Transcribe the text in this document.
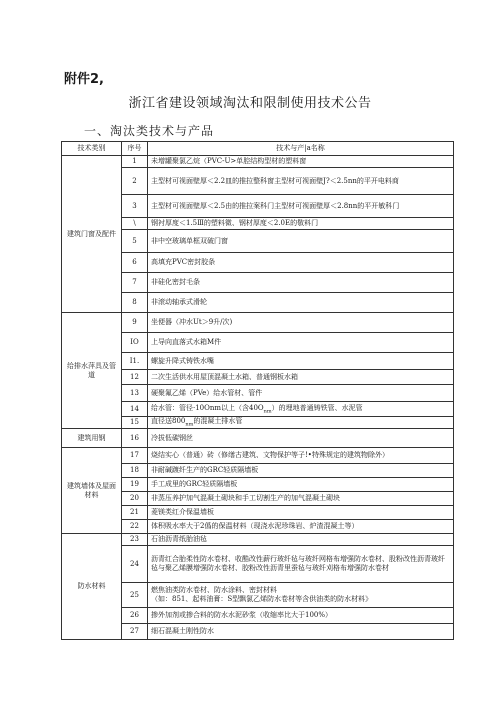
附件2,
浙江省建设领域淘汰和限制使用技术公告
一、淘汰类技术与产品
技术类别	序号	技术与产|a名称
建筑门窗及配件	1	未增罐聚氯乙烷（PVC-U>单腔结构型材的塑料窗
	2	主型材可视面壁厚＜2.2皿的推拉整科窗主型材可视面壁J?＜2.5nn的平开电料商
	3	主型材可视面壁厚＜2.5由的推拉案科门主型材可视面壁厚＜2.8nn的平开敏科门
	\	钢衬厚度＜1.5Ⅲ的塑料微、钢材厚度＜2.0E的敬料门
	5	非中空玻璃单框双破门窗
	6	高填充PVC密封胶条
	7	非硅化密封毛条
	8	非滚动轴承式滑轮
给排水萍具及管道	9	坐便器（冲水Ut＞9升/次)
	IO	上导向直落式水箱M件
	I1.	螺旋升降式铸铁水嘴
	12	二次生活供水用屋顶混凝土水箱、普通钢板水箱
	13	硬聚氟乙烯（PVe）给水管材、管件
	14	给水管：管径·10Onm以上（含$40O_{nm}$）的埋地普通铸铁管、水泥管
	15	直径送$800_{nm}$的混凝土排水管
建筑用钢	16	冷拔低碳钢丝
建筑墙体及屋面材料	17	烧结实心（普通）砖（修缮古建筑、文物保护等子!•特殊规定的建筑物除外）
	18	非耐碱踱纤生产的GRC轻质隔墙板
	19	手工成里的GRC轻质隔墙板
	20	非蒸压养护加气混凝土砌块和手工切割生产的加气混凝土砌块
	21	菱镁类红介保温墙板
	22	体积吸水率大于2僞的保温材料（现浇水泥珍珠岩、炉渣混凝土等）
防水材料	23	石油沥青纸胎油毡
	24	沥青红合胎柔性防水卷材、收酷改性薪行玻纤毡与玻纤网格布增强防水卷材、股粉改性沥青玻纤毡与聚乙烯膜增强防水卷材、胶粉改性沥青里蚕毡与玻纤刈格布增强防水卷材
	25	燃焦油类防水卷材、防水涂料、密封材料
（如：851、起料油膏：S型飘氯乙烯防水卷材等含供油类的防水材料》
	26	掺外加剂或掺合料的防水水泥砂浆（收缩率比大于100%）
	27	细石混凝土刚性防水
